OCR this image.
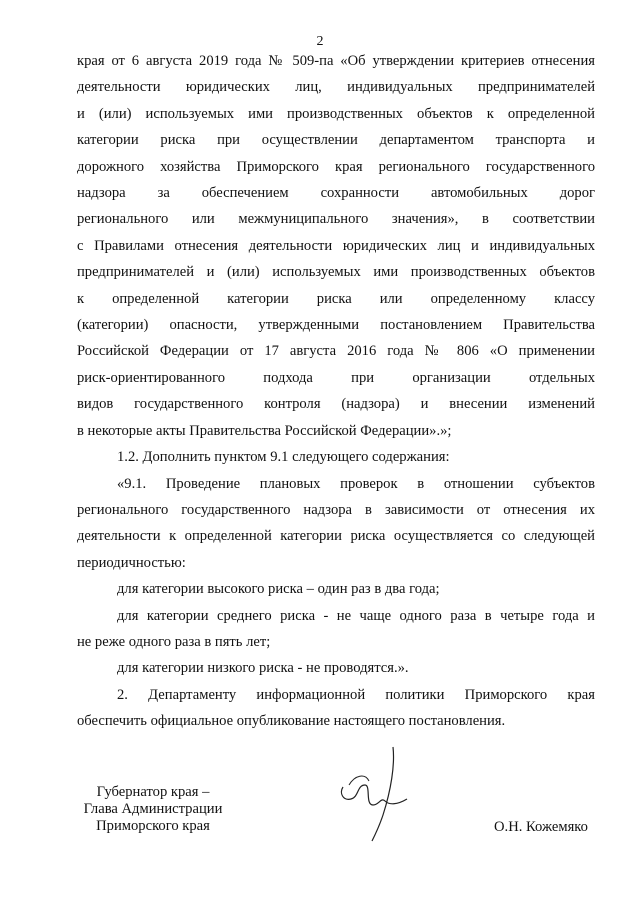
2

края от 6 августа 2019 года № 509-па «Об утверждении критериев отнесения

деятельности юридических лиц, индивидуальных предпринимателей

и (или) используемых ими производственных объектов к определенной

категории риска при осуществлении департаментом транспорта и

дорожного хозяйства Приморского края регионального государственного

надзора за обеспечением сохранности автомобильных дорог

регионального или межмуниципального значения», в соответствии

с Правилами отнесения деятельности юридических лиц и индивидуальных

предпринимателей и (или) используемых ими производственных объектов

к определенной категории риска или определенному классу

(категории) опасности, утвержденными постановлением Правительства

Российской Федерации от 17 августа 2016 года № 806 «О применении

риск-ориентированного подхода при организации отдельных

видов государственного контроля (надзора) и внесении изменений

в некоторые акты Правительства Российской Федерации».»;

1.2. Дополнить пунктом 9.1 следующего содержания:

«9.1. Проведение плановых проверок в отношении субъектов

регионального государственного надзора в зависимости от отнесения их

деятельности к определенной категории риска осуществляется со следующей

периодичностью:

для категории высокого риска – один раз в два года;

для категории среднего риска - не чаще одного раза в четыре года и

не реже одного раза в пять лет;

для категории низкого риска - не проводятся.».

2. Департаменту информационной политики Приморского края

обеспечить официальное опубликование настоящего постановления.

Губернатор края –
Глава Администрации
Приморского края	О.Н. Кожемяко
